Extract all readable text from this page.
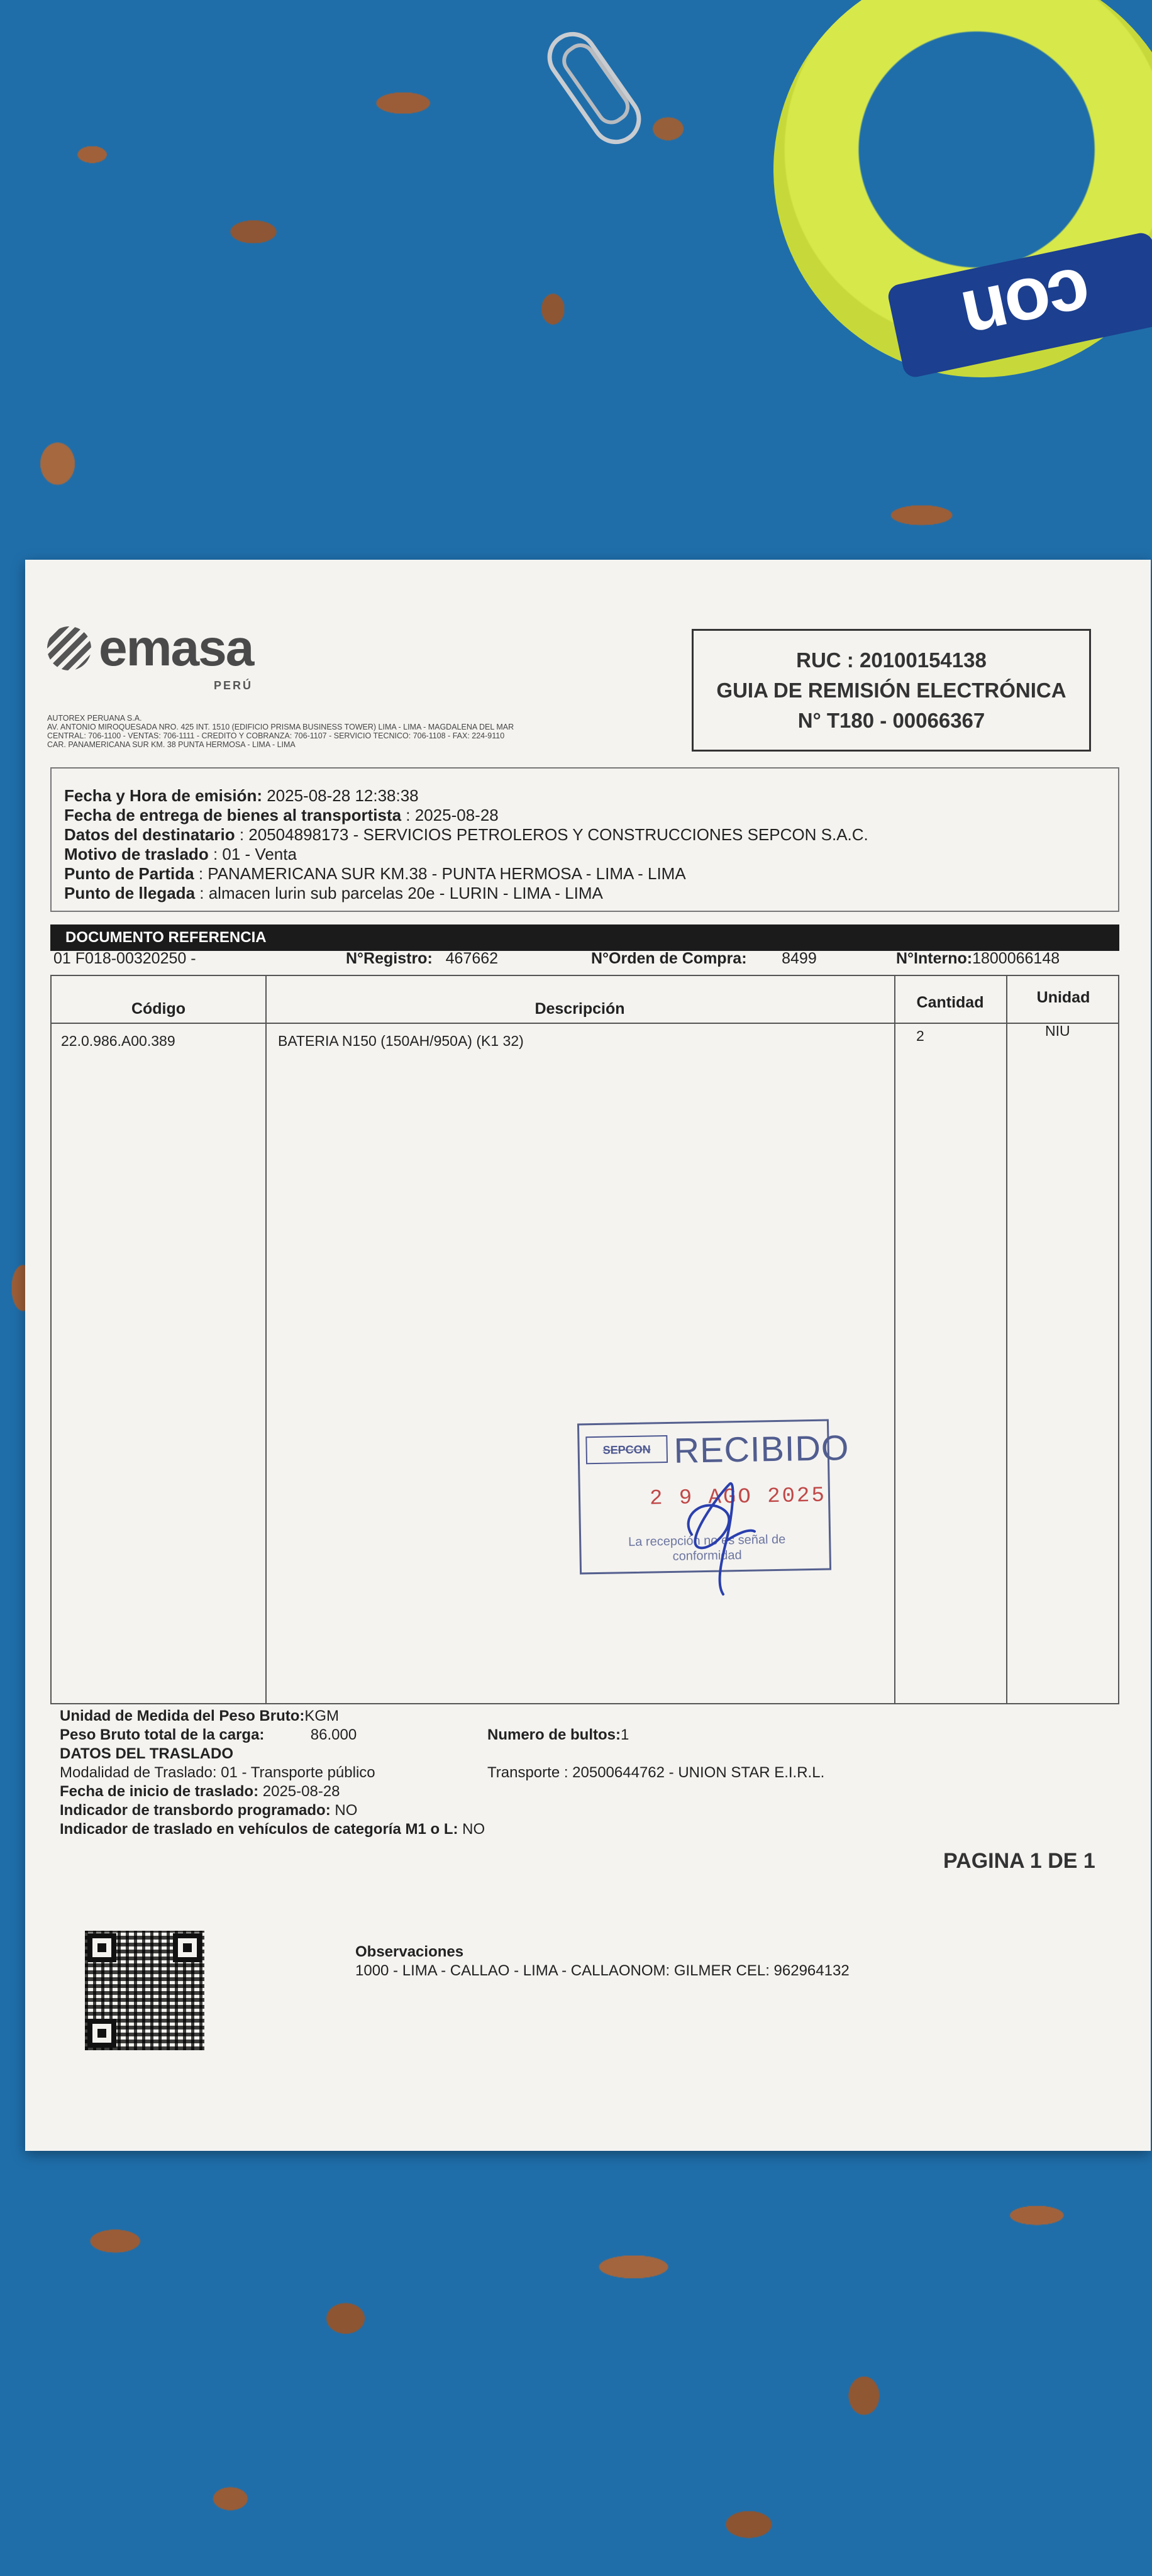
con
emasa
PERÚ
AUTOREX PERUANA S.A.
AV. ANTONIO MIROQUESADA NRO. 425 INT. 1510 (EDIFICIO PRISMA BUSINESS TOWER) LIMA - LIMA - MAGDALENA DEL MAR
CENTRAL: 706-1100 - VENTAS: 706-1111 - CREDITO Y COBRANZA: 706-1107 - SERVICIO TECNICO: 706-1108 - FAX: 224-9110
CAR. PANAMERICANA SUR KM. 38 PUNTA HERMOSA - LIMA - LIMA
RUC : 20100154138
GUIA DE REMISIÓN ELECTRÓNICA
N° T180 - 00066367
Fecha y Hora de emisión: 2025-08-28 12:38:38
Fecha de entrega de bienes al transportista : 2025-08-28
Datos del destinatario : 20504898173 - SERVICIOS PETROLEROS Y CONSTRUCCIONES SEPCON S.A.C.
Motivo de traslado : 01 - Venta
Punto de Partida : PANAMERICANA SUR KM.38 - PUNTA HERMOSA - LIMA - LIMA
Punto de llegada : almacen lurin sub parcelas 20e - LURIN - LIMA - LIMA
DOCUMENTO REFERENCIA
01 F018-00320250 -	N°Registro: 467662	N°Orden de Compra: 8499	N°Interno:1800066148
Código	Descripción	Cantidad	Unidad
22.0.986.A00.389	BATERIA N150 (150AH/950A) (K1 32)	2	NIU
SEPCON RECIBIDO
2 9 AGO 2025
La recepción no es señal de conformidad
Unidad de Medida del Peso Bruto:KGM
Peso Bruto total de la carga:	86.000	Numero de bultos:1
DATOS DEL TRASLADO
Modalidad de Traslado: 01 - Transporte público	Transporte : 20500644762 - UNION STAR E.I.R.L.
Fecha de inicio de traslado: 2025-08-28
Indicador de transbordo programado: NO
Indicador de traslado en vehículos de categoría M1 o L: NO
PAGINA 1 DE 1
Observaciones
1000 - LIMA - CALLAO - LIMA - CALLAONOM: GILMER CEL: 962964132
